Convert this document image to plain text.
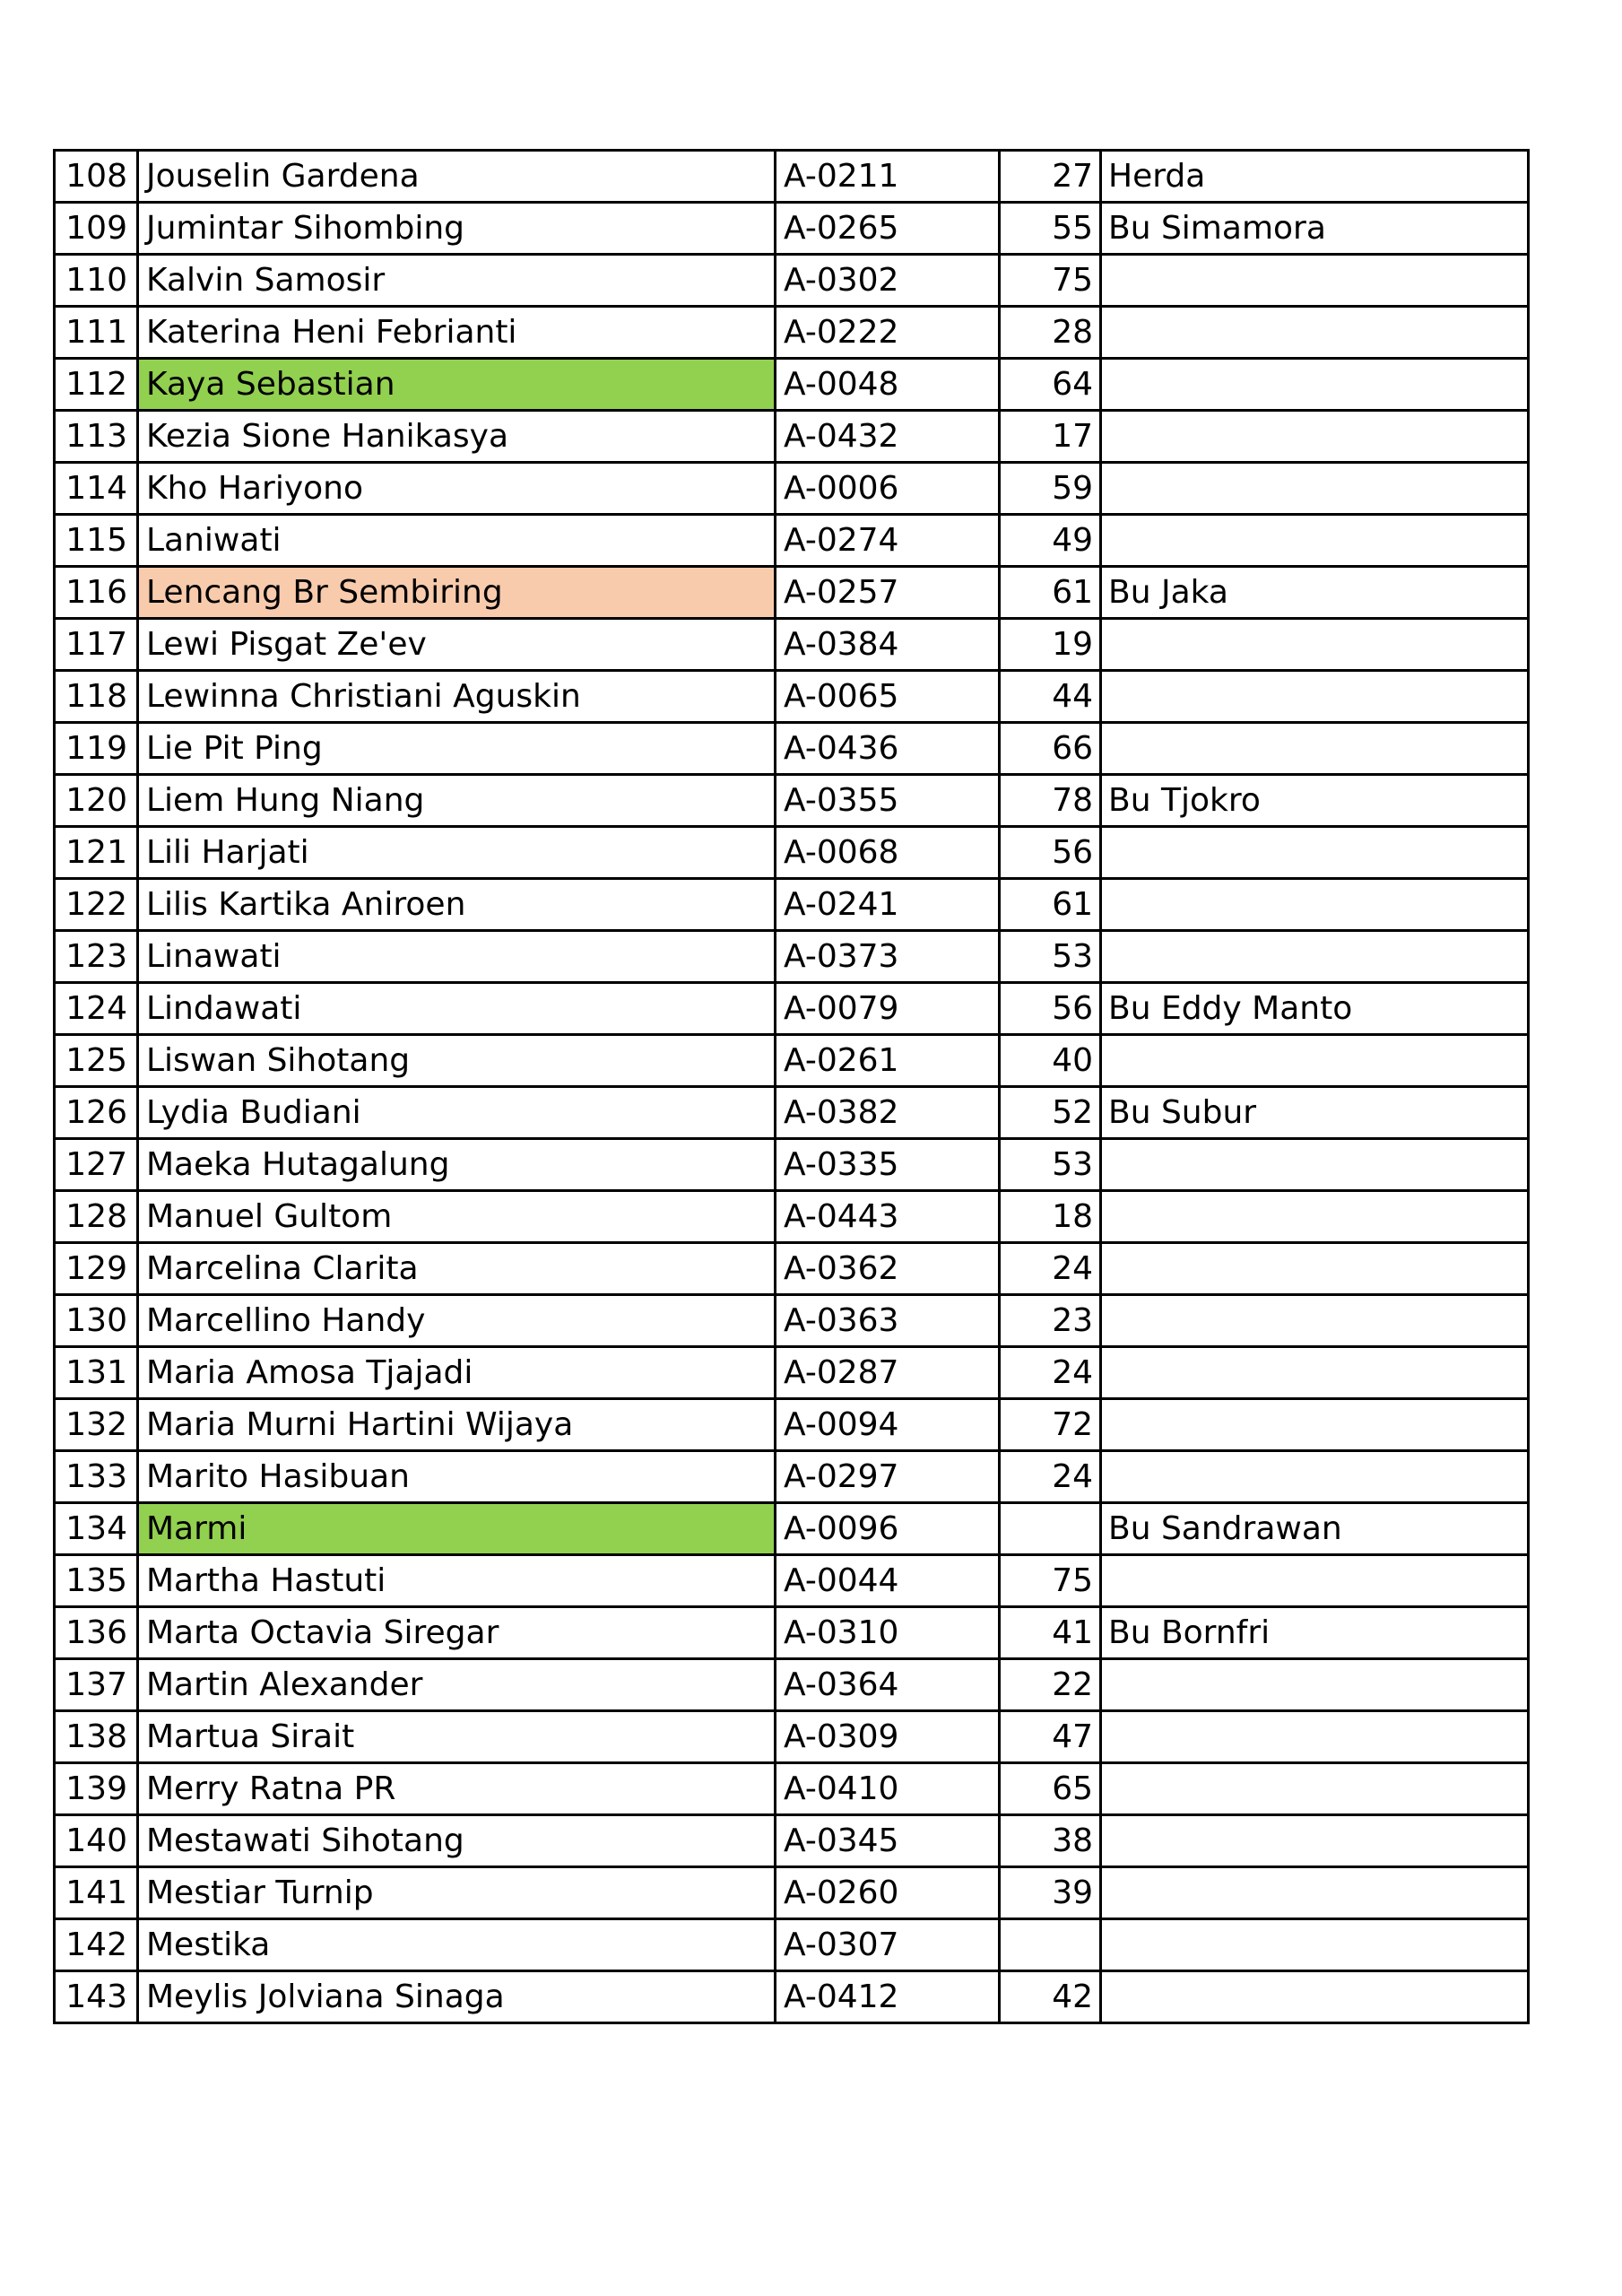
108	Jouselin Gardena	A-0211	27	Herda
109	Jumintar Sihombing	A-0265	55	Bu Simamora
110	Kalvin Samosir	A-0302	75	
111	Katerina Heni Febrianti	A-0222	28	
112	Kaya Sebastian	A-0048	64	
113	Kezia Sione Hanikasya	A-0432	17	
114	Kho Hariyono	A-0006	59	
115	Laniwati	A-0274	49	
116	Lencang Br Sembiring	A-0257	61	Bu Jaka
117	Lewi Pisgat Ze'ev	A-0384	19	
118	Lewinna Christiani Aguskin	A-0065	44	
119	Lie Pit Ping	A-0436	66	
120	Liem Hung Niang	A-0355	78	Bu Tjokro
121	Lili Harjati	A-0068	56	
122	Lilis Kartika Aniroen	A-0241	61	
123	Linawati	A-0373	53	
124	Lindawati	A-0079	56	Bu Eddy Manto
125	Liswan Sihotang	A-0261	40	
126	Lydia Budiani	A-0382	52	Bu Subur
127	Maeka Hutagalung	A-0335	53	
128	Manuel Gultom	A-0443	18	
129	Marcelina Clarita	A-0362	24	
130	Marcellino Handy	A-0363	23	
131	Maria Amosa Tjajadi	A-0287	24	
132	Maria Murni Hartini Wijaya	A-0094	72	
133	Marito Hasibuan	A-0297	24	
134	Marmi	A-0096		Bu Sandrawan
135	Martha Hastuti	A-0044	75	
136	Marta Octavia Siregar	A-0310	41	Bu Bornfri
137	Martin Alexander	A-0364	22	
138	Martua Sirait	A-0309	47	
139	Merry Ratna PR	A-0410	65	
140	Mestawati Sihotang	A-0345	38	
141	Mestiar Turnip	A-0260	39	
142	Mestika	A-0307		
143	Meylis Jolviana Sinaga	A-0412	42	
